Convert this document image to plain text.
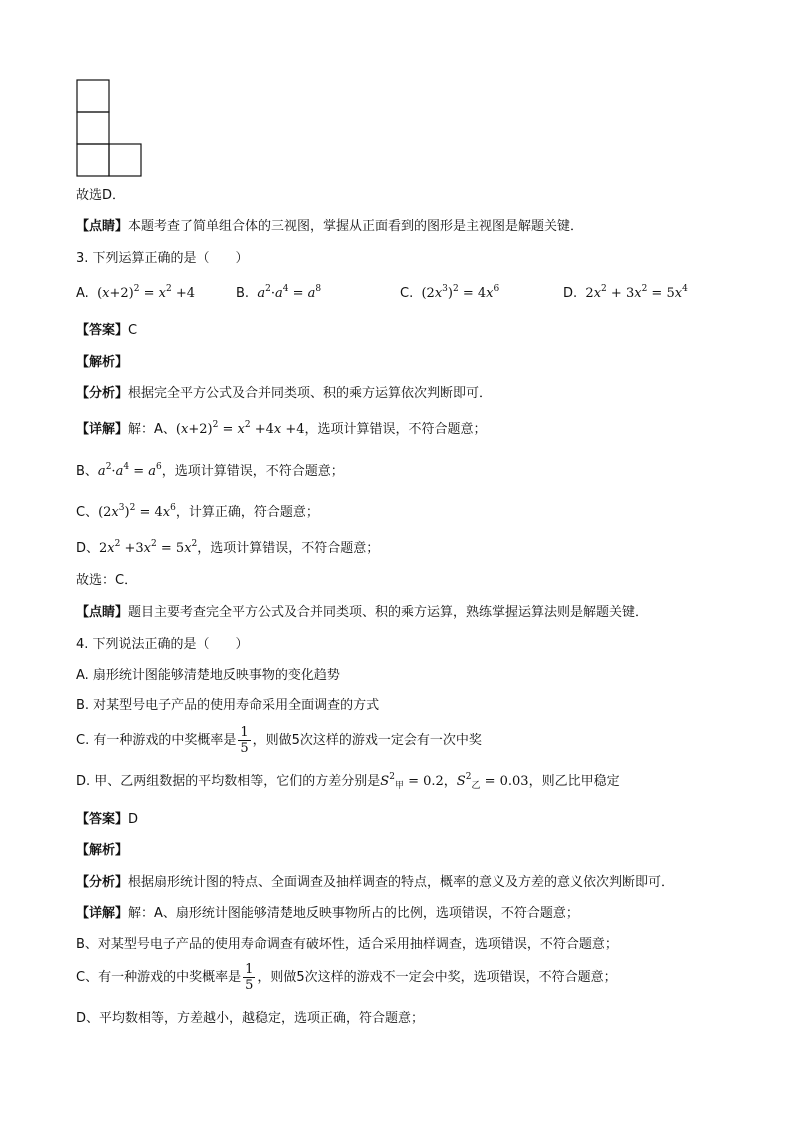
故选D．
【点睛】本题考查了简单组合体的三视图，掌握从正面看到的图形是主视图是解题关键．
3. 下列运算正确的是（　　）
A. $(x+2)^2 = x^2 +4$	B. $a^2\cdot a^4 = a^8$	C. $(2x^3)^2 = 4x^6$	D. $2x^2 + 3x^2 = 5x^4$
【答案】C
【解析】
【分析】根据完全平方公式及合并同类项、积的乘方运算依次判断即可．
【详解】解：A、$(x+2)^2 = x^2 +4x +4$，选项计算错误，不符合题意；
B、$a^2\cdot a^4 = a^6$，选项计算错误，不符合题意；
C、$(2x^3)^2 = 4x^6$，计算正确，符合题意；
D、$2x^2 +3x^2 = 5x^2$，选项计算错误，不符合题意；
故选：C．
【点睛】题目主要考查完全平方公式及合并同类项、积的乘方运算，熟练掌握运算法则是解题关键．
4. 下列说法正确的是（　　）
A. 扇形统计图能够清楚地反映事物的变化趋势
B. 对某型号电子产品的使用寿命采用全面调查的方式
C. 有一种游戏的中奖概率是 $\frac{1}{5}$ ，则做5次这样的游戏一定会有一次中奖
D. 甲、乙两组数据的平均数相等，它们的方差分别是$S^2_甲 = 0.2$，$S^2_乙 = 0.03$，则乙比甲稳定
【答案】D
【解析】
【分析】根据扇形统计图的特点、全面调查及抽样调查的特点，概率的意义及方差的意义依次判断即可．
【详解】解：A、扇形统计图能够清楚地反映事物所占的比例，选项错误，不符合题意；
B、对某型号电子产品的使用寿命调查有破坏性，适合采用抽样调查，选项错误，不符合题意；
C、有一种游戏的中奖概率是 $\frac{1}{5}$ ，则做5次这样的游戏不一定会中奖，选项错误，不符合题意；
D、平均数相等，方差越小，越稳定，选项正确，符合题意；
